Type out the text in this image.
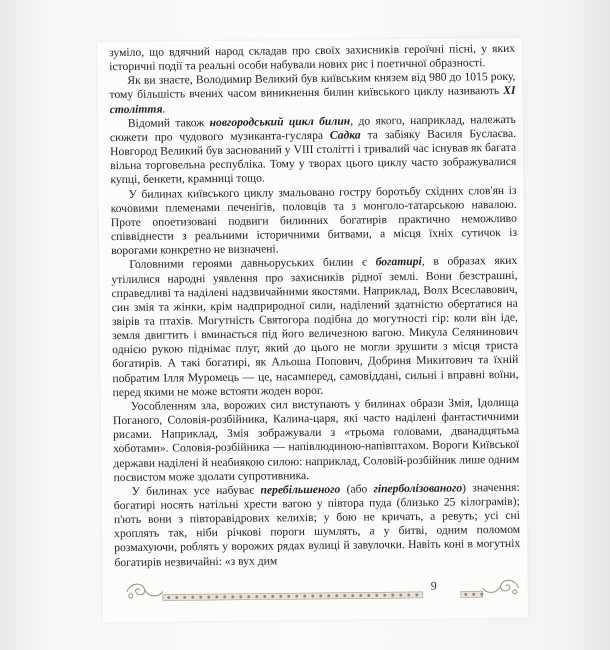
зуміло, що вдячний народ складав про своїх захисників героїчні пісні, у яких історичні події та реальні особи набували нових рис і поетичної образності.

Як ви знаєте, Володимир Великий був київським князем від 980 до 1015 року, тому більшість вчених часом виникнення билин київського циклу називають XI століття.

Відомий також новгородський цикл билин, до якого, наприклад, належать сюжети про чудового музиканта-гусляра Садка та забіяку Василя Буслаєва. Новгород Великий був заснований у VIII столітті і тривалий час існував як багата вільна торговельна республіка. Тому у творах цього циклу часто зображувалися купці, бенкети, крамниці тощо.

У билинах київського циклу змальовано гостру боротьбу східних слов'ян із кочовими племенами печенігів, половців та з монголо-татарською навалою. Проте опоетизовані подвиги билинних богатирів практично неможливо співвіднести з реальними історичними битвами, а місця їхніх сутичок із ворогами конкретно не визначені.

Головними героями давньоруських билин є богатирі, в образах яких утілилися народні уявлення про захисників рідної землі. Вони безстрашні, справедливі та наділені надзвичайними якостями. Наприклад, Волх Всеславович, син змія та жінки, крім надприродної сили, наділений здатністю обертатися на звірів та птахів. Могутність Святогора подібна до могутності гір: коли він іде, земля двигтить і вминається під його величезною вагою. Микула Селянинович однією рукою піднімає плуг, який до цього не могли зрушити з місця триста богатирів. А такі богатирі, як Альоша Попович, Добриня Микитович та їхній побратим Ілля Муромець — це, насамперед, самовіддані, сильні і вправні воїни, перед якими не може встояти жоден ворог.

Уособленням зла, ворожих сил виступають у билинах образи Змія, Ідолища Поганого, Соловія-розбійника, Калина-царя, які часто наділені фантастичними рисами. Наприклад, Змія зображували з «трьома головами, дванадцятьма хоботами». Соловія-розбійника — напівлюдиною-напівптахом. Вороги Київської держави наділені й неабиякою силою: наприклад, Соловій-розбійник лише одним посвистом може здолати супротивника.

У билинах усе набуває перебільшеного (або гіперболізованого) значення: богатирі носять натільні хрести вагою у півтора пуда (близько 25 кілограмів); п'ють вони з півторавідрових келихів; у бою не кричать, а ревуть; усі сні хроплять так, ніби річкові пороги шумлять, а у битві, одним поломом розмахуючи, роблять у ворожих рядах вулиці й завулочки. Навіть коні в могутніх богатирів незвичайні: «з вух дим

9
